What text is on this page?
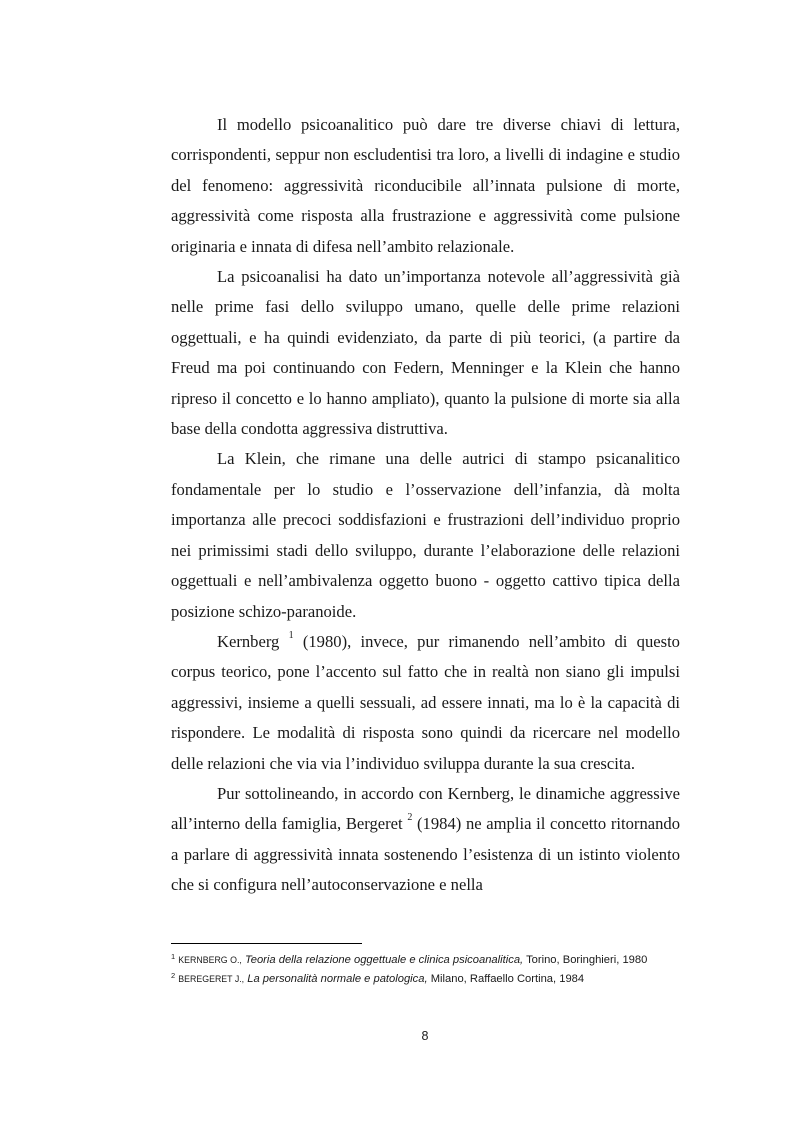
Il modello psicoanalitico può dare tre diverse chiavi di lettura, corrispondenti, seppur non escludentisi tra loro, a livelli di indagine e studio del fenomeno: aggressività riconducibile all’innata pulsione di morte, aggressività come risposta alla frustrazione e aggressività come pulsione originaria e innata di difesa nell’ambito relazionale.

La psicoanalisi ha dato un’importanza notevole all’aggressività già nelle prime fasi dello sviluppo umano, quelle delle prime relazioni oggettuali, e ha quindi evidenziato, da parte di più teorici, (a partire da Freud ma poi continuando con Federn, Menninger e la Klein che hanno ripreso il concetto e lo hanno ampliato), quanto la pulsione di morte sia alla base della condotta aggressiva distruttiva.

La Klein, che rimane una delle autrici di stampo psicanalitico fondamentale per lo studio e l’osservazione dell’infanzia, dà molta importanza alle precoci soddisfazioni e frustrazioni dell’individuo proprio nei primissimi stadi dello sviluppo, durante l’elaborazione delle relazioni oggettuali e nell’ambivalenza oggetto buono - oggetto cattivo tipica della posizione schizo-paranoide.

Kernberg $^1$ (1980), invece, pur rimanendo nell’ambito di questo corpus teorico, pone l’accento sul fatto che in realtà non siano gli impulsi aggressivi, insieme a quelli sessuali, ad essere innati, ma lo è la capacità di rispondere. Le modalità di risposta sono quindi da ricercare nel modello delle relazioni che via via l’individuo sviluppa durante la sua crescita.

Pur sottolineando, in accordo con Kernberg, le dinamiche aggressive all’interno della famiglia, Bergeret $^2$ (1984) ne amplia il concetto ritornando a parlare di aggressività innata sostenendo l’esistenza di un istinto violento che si configura nell’autoconservazione e nella

$^1$ KERNBERG O., Teoria della relazione oggettuale e clinica psicoanalitica, Torino, Boringhieri, 1980

$^2$ BEREGERET J., La personalità normale e patologica, Milano, Raffaello Cortina, 1984

8
